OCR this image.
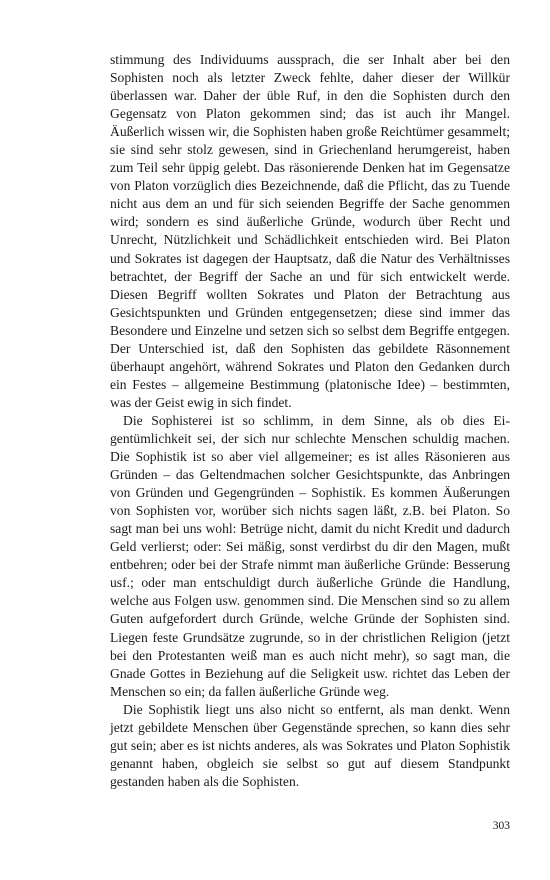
stimmung des Individuums aussprach, die ser Inhalt aber bei den Sophisten noch als letzter Zweck fehlte, daher dieser der Willkür überlassen war. Daher der üble Ruf, in den die Sophisten durch den Gegensatz von Platon gekommen sind; das ist auch ihr Mangel. Äußerlich wissen wir, die Sophisten haben große Reichtümer gesammelt; sie sind sehr stolz gewesen, sind in Griechenland herumgereist, haben zum Teil sehr üppig gelebt. Das räsonierende Denken hat im Gegensatze von Platon vorzüglich dies Bezeichnende, daß die Pflicht, das zu Tuende nicht aus dem an und für sich seienden Begriffe der Sache genommen wird; sondern es sind äußerliche Gründe, wodurch über Recht und Unrecht, Nützlichkeit und Schädlichkeit entschieden wird. Bei Platon und Sokrates ist dagegen der Hauptsatz, daß die Natur des Verhältnisses betrachtet, der Begriff der Sache an und für sich entwickelt werde. Diesen Begriff wollten Sokrates und Platon der Betrachtung aus Gesichtspunkten und Gründen entgegensetzen; diese sind immer das Besondere und Einzelne und setzen sich so selbst dem Begriffe entgegen. Der Unterschied ist, daß den Sophisten das gebildete Räsonnement überhaupt angehört, während Sokrates und Platon den Gedanken durch ein Festes – allgemeine Bestimmung (platonische Idee) – bestimmten, was der Geist ewig in sich findet.

Die Sophisterei ist so schlimm, in dem Sinne, als ob dies Eigentümlichkeit sei, der sich nur schlechte Menschen schuldig machen. Die Sophistik ist so aber viel allgemeiner; es ist alles Räsonieren aus Gründen – das Geltendmachen solcher Gesichtspunkte, das Anbringen von Gründen und Gegengründen – Sophistik. Es kommen Äußerungen von Sophisten vor, worüber sich nichts sagen läßt, z.B. bei Platon. So sagt man bei uns wohl: Betrüge nicht, damit du nicht Kredit und dadurch Geld verlierst; oder: Sei mäßig, sonst verdirbst du dir den Magen, mußt entbehren; oder bei der Strafe nimmt man äußerliche Gründe: Besserung usf.; oder man entschuldigt durch äußerliche Gründe die Handlung, welche aus Folgen usw. genommen sind. Die Menschen sind so zu allem Guten aufgefordert durch Gründe, welche Gründe der Sophisten sind. Liegen feste Grundsätze zugrunde, so in der christlichen Religion (jetzt bei den Protestanten weiß man es auch nicht mehr), so sagt man, die Gnade Gottes in Beziehung auf die Seligkeit usw. richtet das Leben der Menschen so ein; da fallen äußerliche Gründe weg.

Die Sophistik liegt uns also nicht so entfernt, als man denkt. Wenn jetzt gebildete Menschen über Gegenstände sprechen, so kann dies sehr gut sein; aber es ist nichts anderes, als was Sokrates und Platon Sophistik genannt haben, obgleich sie selbst so gut auf diesem Standpunkt gestanden haben als die Sophisten.

303
